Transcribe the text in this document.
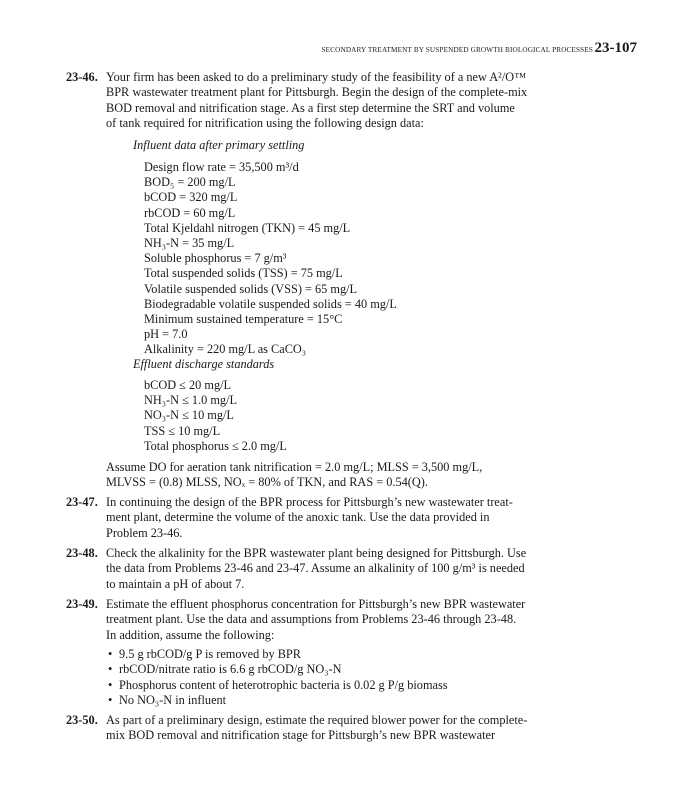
SECONDARY TREATMENT BY SUSPENDED GROWTH BIOLOGICAL PROCESSES 23-107
23-46. Your firm has been asked to do a preliminary study of the feasibility of a new A²/O™
BPR wastewater treatment plant for Pittsburgh. Begin the design of the complete-mix
BOD removal and nitrification stage. As a first step determine the SRT and volume
of tank required for nitrification using the following design data:
Influent data after primary settling
Design flow rate = 35,500 m³/d
BOD₅ = 200 mg/L
bCOD = 320 mg/L
rbCOD = 60 mg/L
Total Kjeldahl nitrogen (TKN) = 45 mg/L
NH₃-N = 35 mg/L
Soluble phosphorus = 7 g/m³
Total suspended solids (TSS) = 75 mg/L
Volatile suspended solids (VSS) = 65 mg/L
Biodegradable volatile suspended solids = 40 mg/L
Minimum sustained temperature = 15°C
pH = 7.0
Alkalinity = 220 mg/L as CaCO₃
Effluent discharge standards
bCOD ≤ 20 mg/L
NH₃-N ≤ 1.0 mg/L
NO₃-N ≤ 10 mg/L
TSS ≤ 10 mg/L
Total phosphorus ≤ 2.0 mg/L
Assume DO for aeration tank nitrification = 2.0 mg/L; MLSS = 3,500 mg/L,
MLVSS = (0.8) MLSS, NOₓ = 80% of TKN, and RAS = 0.54(Q).
23-47. In continuing the design of the BPR process for Pittsburgh’s new wastewater treat-
ment plant, determine the volume of the anoxic tank. Use the data provided in
Problem 23-46.
23-48. Check the alkalinity for the BPR wastewater plant being designed for Pittsburgh. Use
the data from Problems 23-46 and 23-47. Assume an alkalinity of 100 g/m³ is needed
to maintain a pH of about 7.
23-49. Estimate the effluent phosphorus concentration for Pittsburgh’s new BPR wastewater
treatment plant. Use the data and assumptions from Problems 23-46 through 23-48.
In addition, assume the following:
• 9.5 g rbCOD/g P is removed by BPR
• rbCOD/nitrate ratio is 6.6 g rbCOD/g NO₃-N
• Phosphorus content of heterotrophic bacteria is 0.02 g P/g biomass
• No NO₃-N in influent
23-50. As part of a preliminary design, estimate the required blower power for the complete-
mix BOD removal and nitrification stage for Pittsburgh’s new BPR wastewater
